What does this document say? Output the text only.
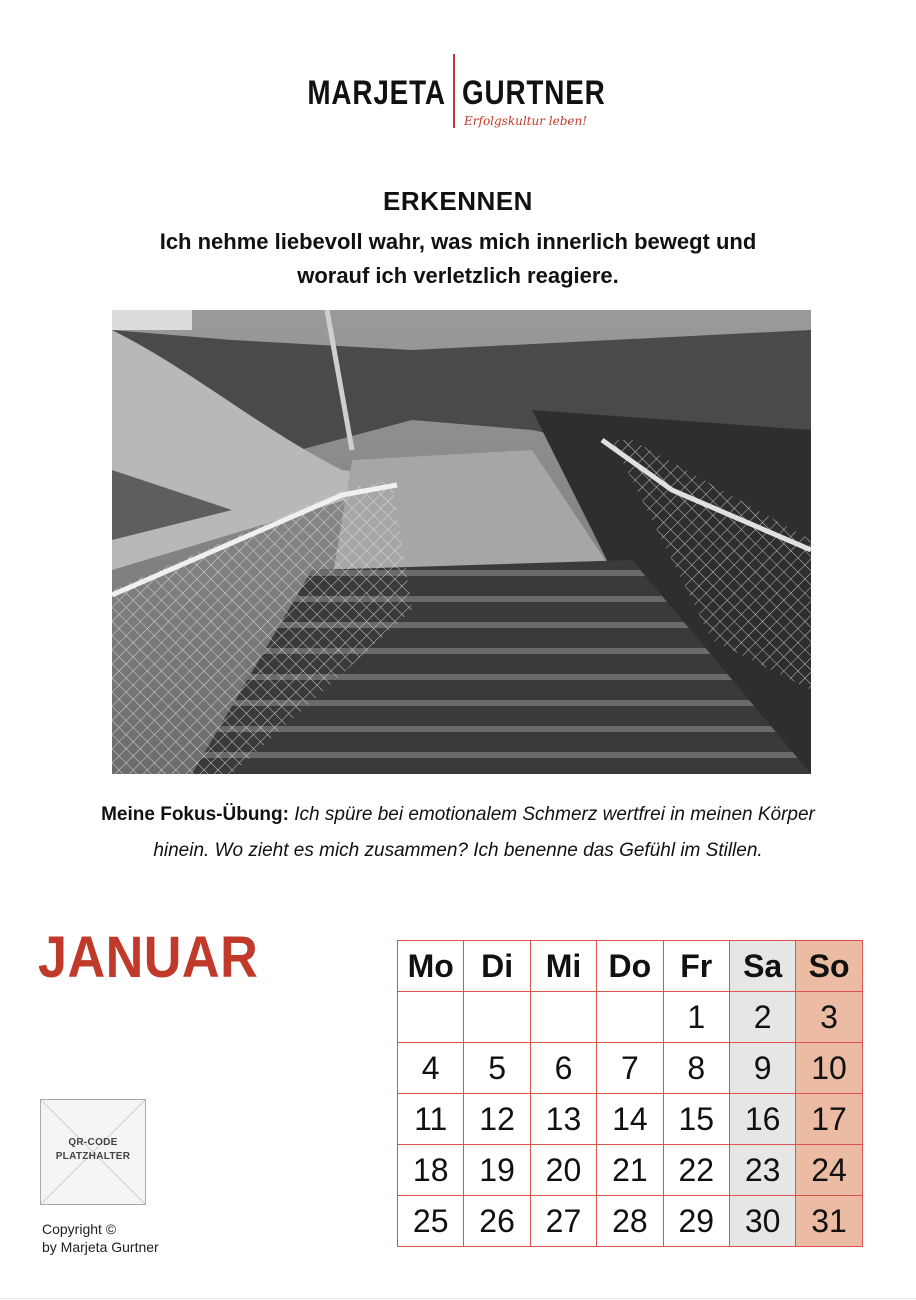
MARJETA GURTNER
Erfolgskultur leben!
ERKENNEN
Ich nehme liebevoll wahr, was mich innerlich bewegt und
worauf ich verletzlich reagiere.
Meine Fokus-Übung: Ich spüre bei emotionalem Schmerz wertfrei in meinen Körper hinein. Wo zieht es mich zusammen? Ich benenne das Gefühl im Stillen.
JANUAR
QR-CODE
PLATZHALTER
Copyright ©
by Marjeta Gurtner
Mo	Di	Mi	Do	Fr	Sa	So
				1	2	3
4	5	6	7	8	9	10
11	12	13	14	15	16	17
18	19	20	21	22	23	24
25	26	27	28	29	30	31
